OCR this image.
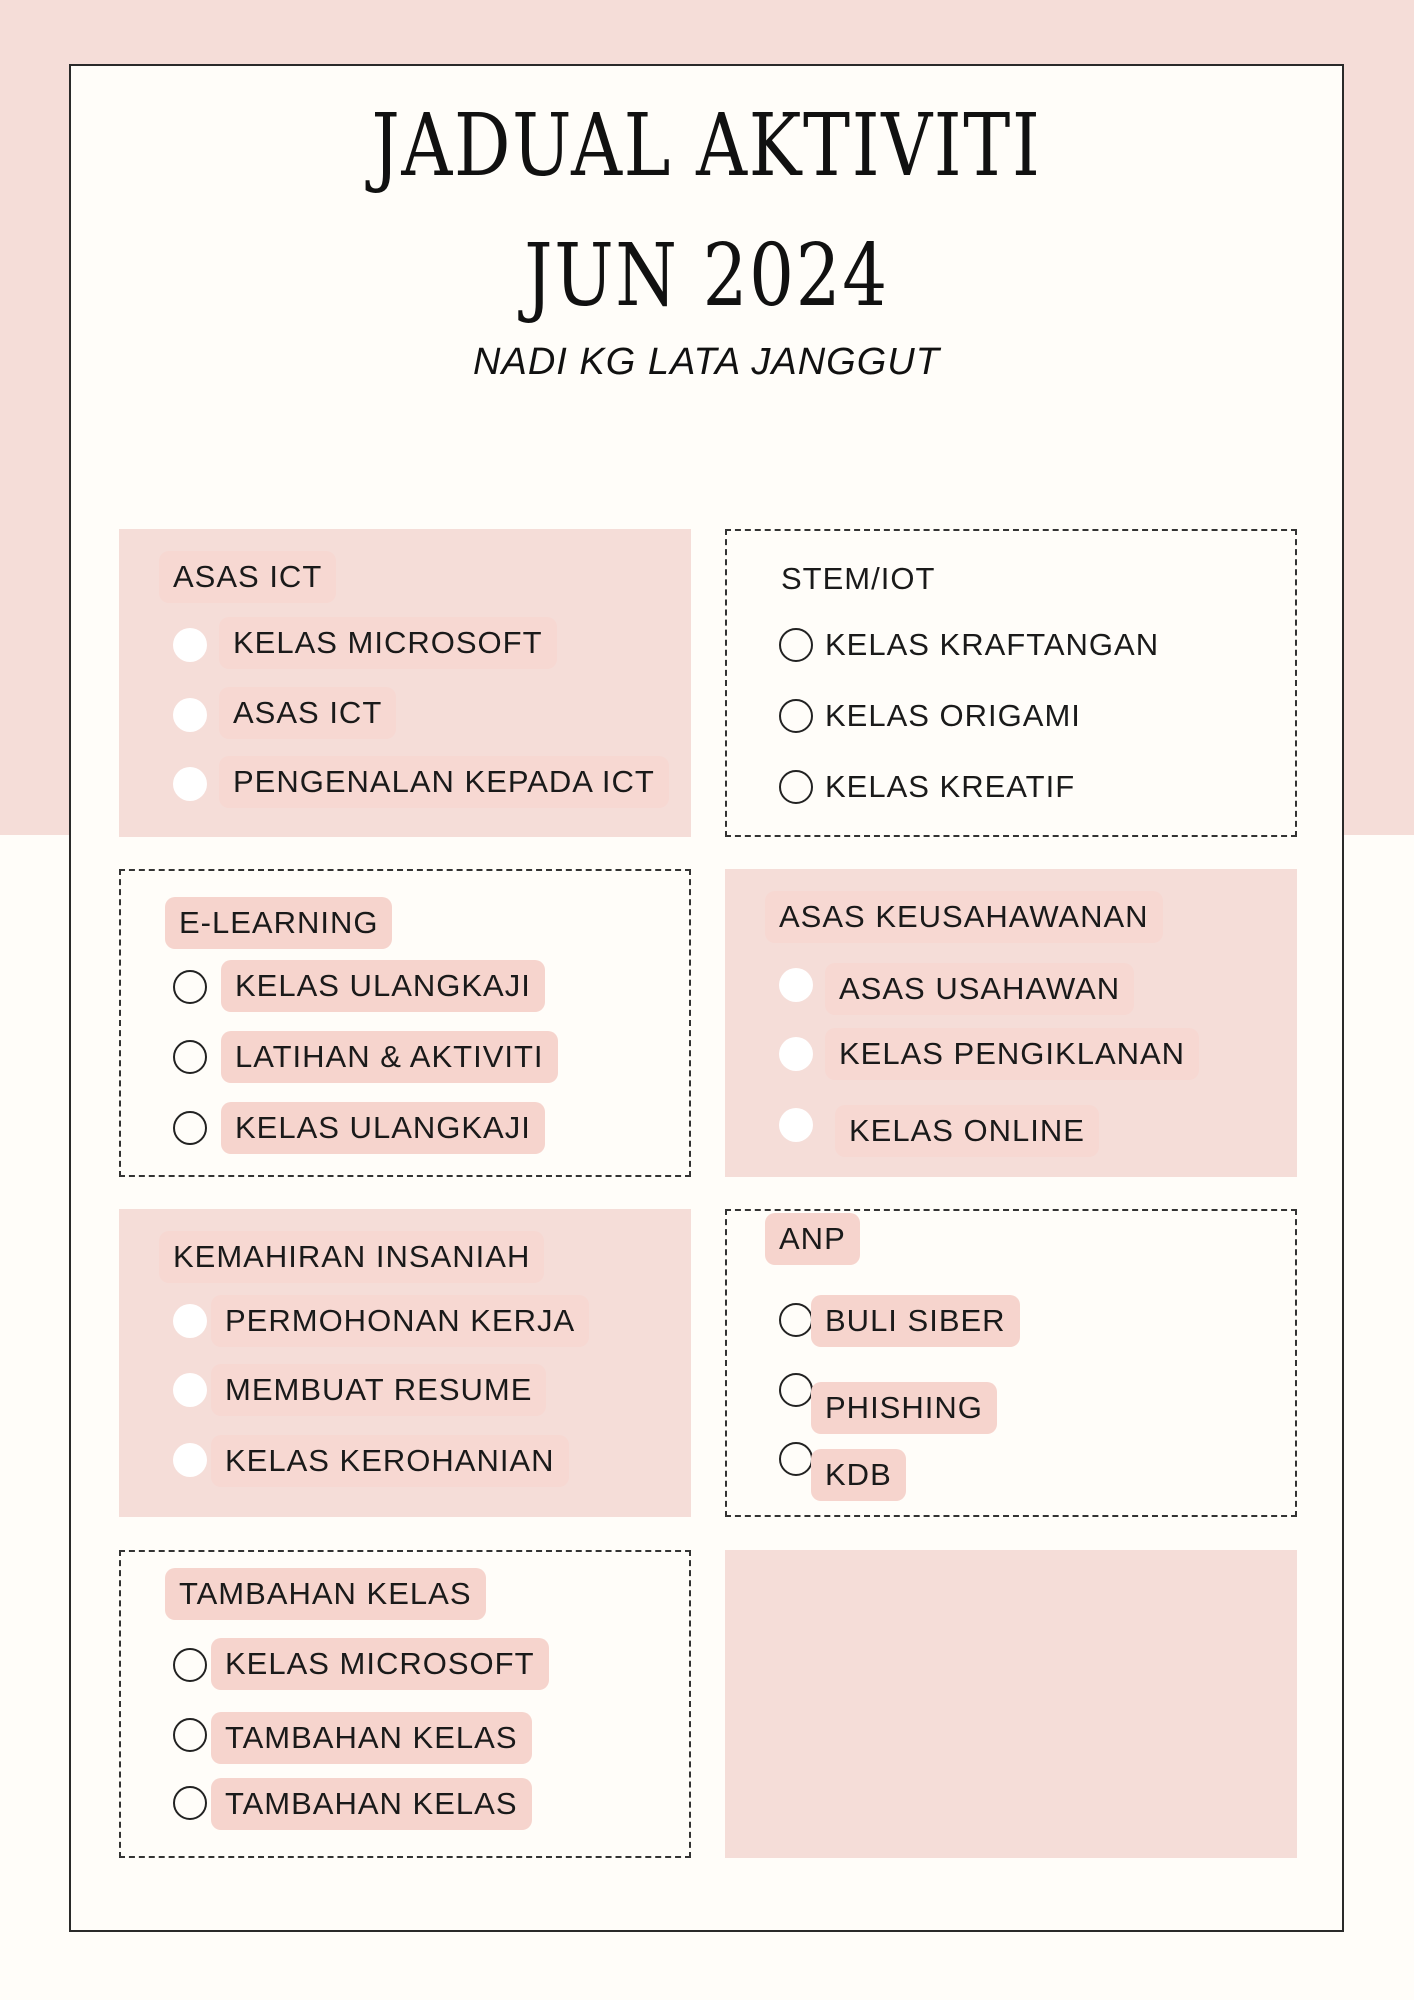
JADUAL AKTIVITI
JUN 2024
NADI KG LATA JANGGUT
ASAS ICT
KELAS MICROSOFT
ASAS ICT
PENGENALAN KEPADA ICT
STEM/IOT
KELAS KRAFTANGAN
KELAS ORIGAMI
KELAS KREATIF
E-LEARNING
KELAS ULANGKAJI
LATIHAN & AKTIVITI
KELAS ULANGKAJI
ASAS KEUSAHAWANAN
ASAS USAHAWAN
KELAS PENGIKLANAN
KELAS ONLINE
KEMAHIRAN INSANIAH
PERMOHONAN KERJA
MEMBUAT RESUME
KELAS KEROHANIAN
ANP
BULI SIBER
PHISHING
KDB
TAMBAHAN KELAS
KELAS MICROSOFT
TAMBAHAN KELAS
TAMBAHAN KELAS
